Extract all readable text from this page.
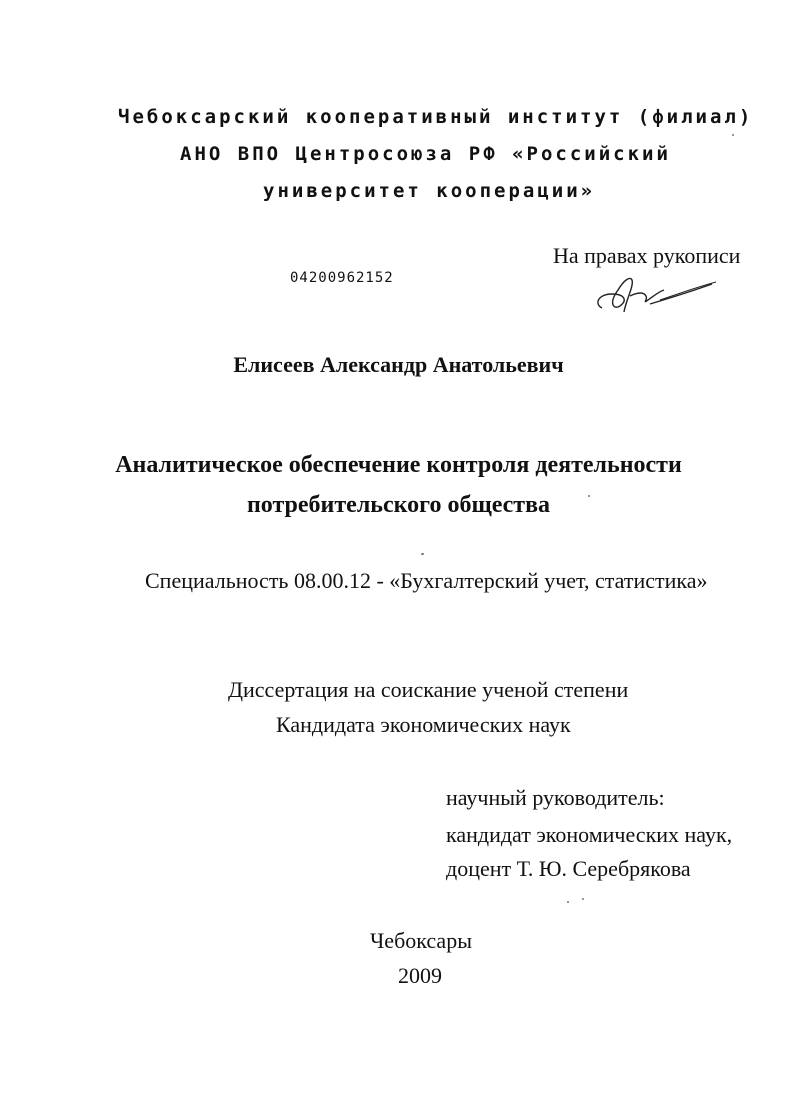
Чебоксарский кооперативный институт (филиал)
АНО ВПО Центросоюза РФ «Российский
университет кооперации»
На правах рукописи
04200962152
Елисеев Александр Анатольевич
Аналитическое обеспечение контроля деятельности
потребительского общества
Специальность 08.00.12 - «Бухгалтерский учет, статистика»
Диссертация на соискание ученой степени
Кандидата экономических наук
научный руководитель:
кандидат экономических наук,
доцент Т. Ю. Серебрякова
Чебоксары
2009
